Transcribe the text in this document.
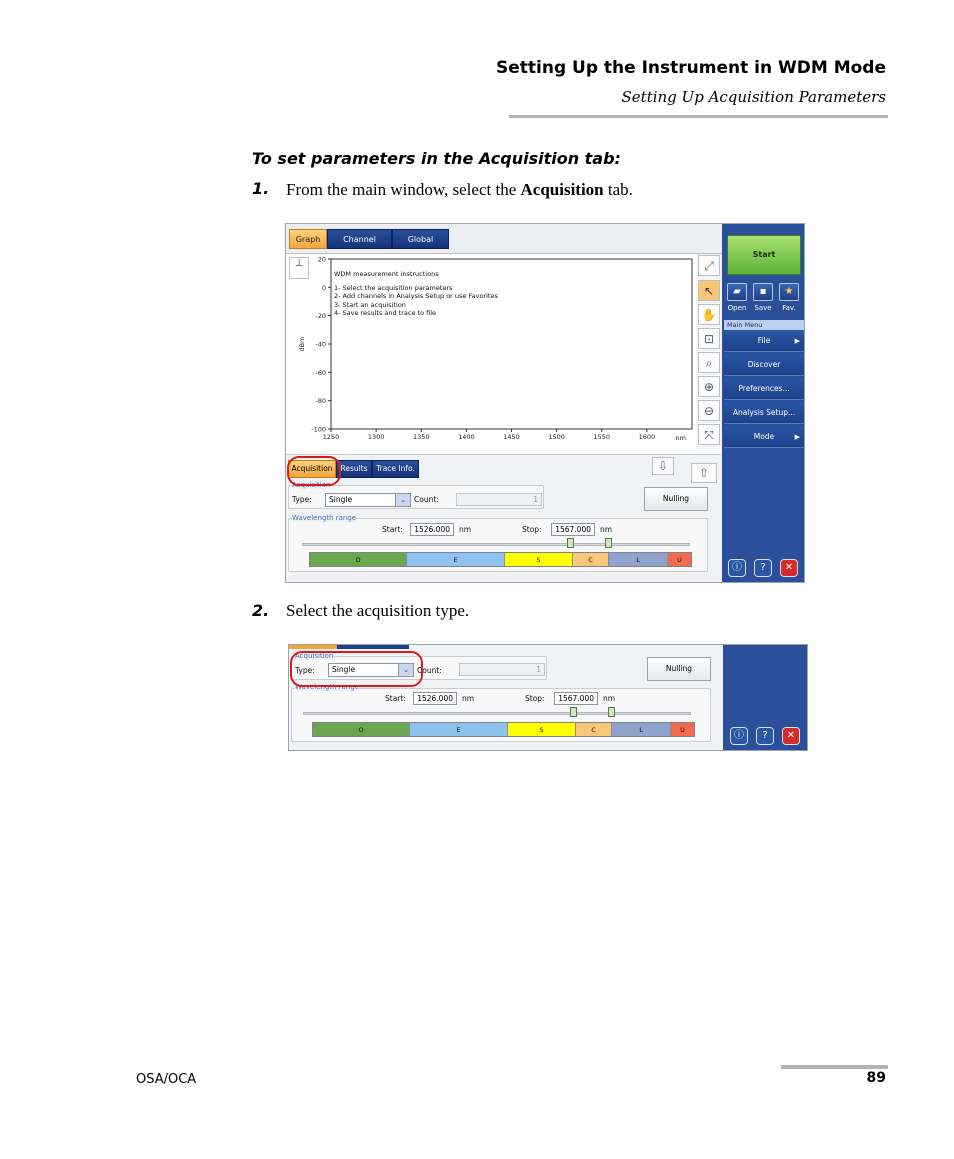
Setting Up the Instrument in WDM Mode
Setting Up Acquisition Parameters
To set parameters in the Acquisition tab:
1. From the main window, select the Acquisition tab.
Graph	Channel	Global
⊥	20
0
-20
-40
-60
-80
-100
1250	1300	1350	1400	1450	1500	1550	1600	nm
dBm
WDM measurement instructions
1- Select the acquisition parameters
2- Add channels in Analysis Setup or use Favorites
3- Start an acquisition
4- Save results and trace to file
⤢
↖
✋
⊡
⌕
⊕
⊖
⤧
Acquisition	Results	Trace Info.	⇩	⇧
Acquisition
Type:	Single	⌄	Count:	1	Nulling
Wavelength range
Start:	1526.000	nm	Stop:	1567.000	nm
O	E	S	C	L	U
Start
▰	▪	★
Open	Save	Fav.
Main Menu
File	▶
Discover
Preferences...
Analysis Setup...
Mode	▶
ⓘ	?	✕
2. Select the acquisition type.
Acquisition
Type:	Single	⌄	Count:	1	Nulling
Wavelength range
Start:	1526.000	nm	Stop:	1567.000	nm
O	E	S	C	L	U	ⓘ	?	✕
OSA/OCA	89
